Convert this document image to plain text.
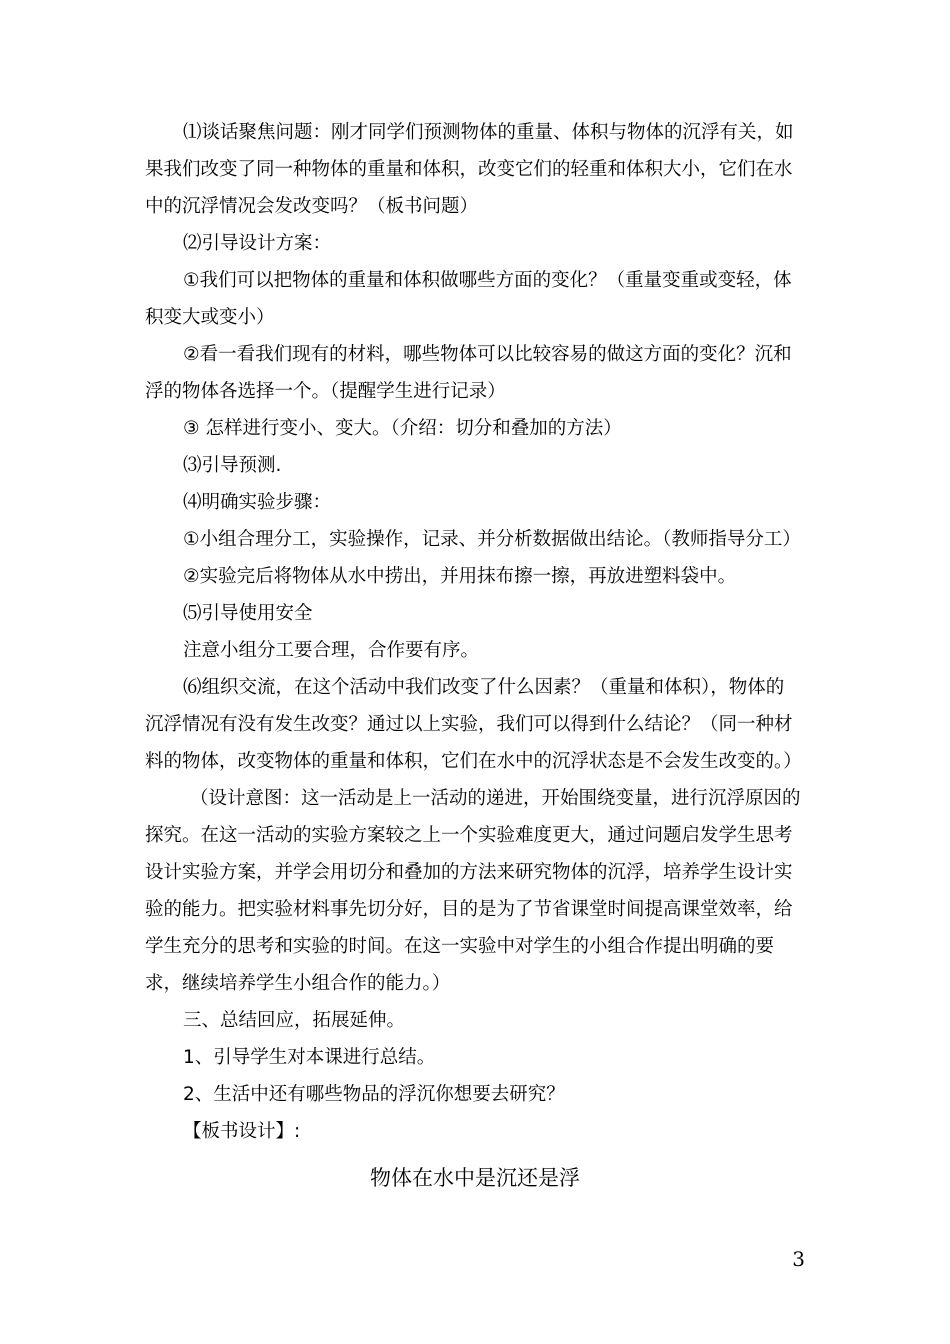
⑴谈话聚焦问题：刚才同学们预测物体的重量、体积与物体的沉浮有关，如
果我们改变了同一种物体的重量和体积，改变它们的轻重和体积大小，它们在水
中的沉浮情况会发改变吗？（板书问题）
⑵引导设计方案：
①我们可以把物体的重量和体积做哪些方面的变化？（重量变重或变轻，体
积变大或变小）
②看一看我们现有的材料，哪些物体可以比较容易的做这方面的变化？沉和
浮的物体各选择一个。（提醒学生进行记录）
③ 怎样进行变小、变大。（介绍：切分和叠加的方法）
⑶引导预测.
⑷明确实验步骤：
①小组合理分工，实验操作，记录、并分析数据做出结论。（教师指导分工）
②实验完后将物体从水中捞出，并用抹布擦一擦，再放进塑料袋中。
⑸引导使用安全
注意小组分工要合理，合作要有序。
⑹组织交流，在这个活动中我们改变了什么因素？（重量和体积），物体的
沉浮情况有没有发生改变？通过以上实验，我们可以得到什么结论？（同一种材
料的物体，改变物体的重量和体积，它们在水中的沉浮状态是不会发生改变的。）
（设计意图：这一活动是上一活动的递进，开始围绕变量，进行沉浮原因的
探究。在这一活动的实验方案较之上一个实验难度更大，通过问题启发学生思考
设计实验方案，并学会用切分和叠加的方法来研究物体的沉浮，培养学生设计实
验的能力。把实验材料事先切分好，目的是为了节省课堂时间提高课堂效率，给
学生充分的思考和实验的时间。在这一实验中对学生的小组合作提出明确的要
求，继续培养学生小组合作的能力。）
三、总结回应，拓展延伸。
1、引导学生对本课进行总结。
2、生活中还有哪些物品的浮沉你想要去研究？
【板书设计】:
物体在水中是沉还是浮
3
